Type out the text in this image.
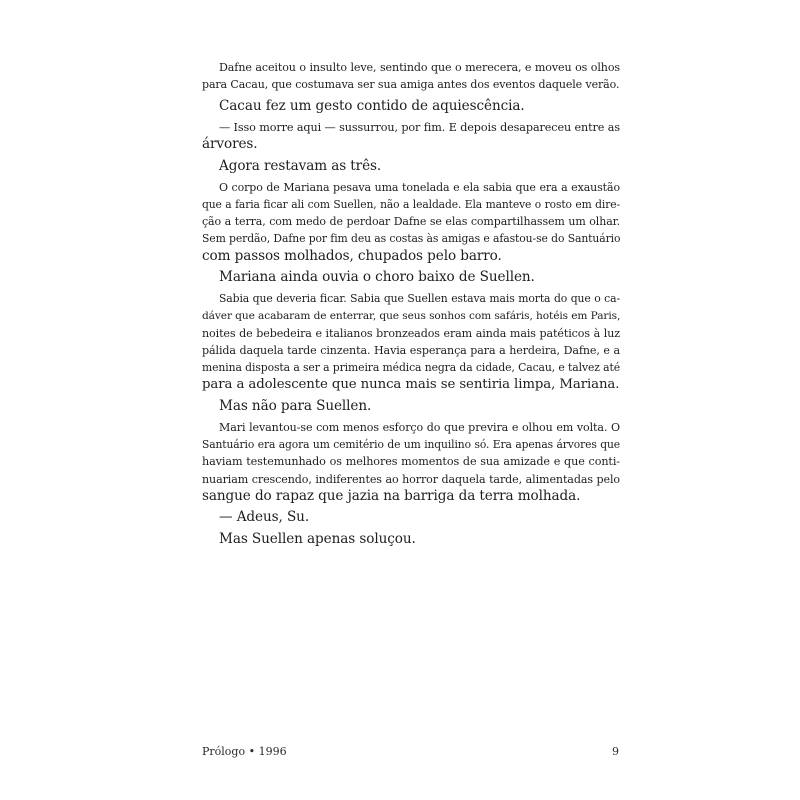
Dafne aceitou o insulto leve, sentindo que o merecera, e moveu os olhos
para Cacau, que costumava ser sua amiga antes dos eventos daquele verão.
Cacau fez um gesto contido de aquiescência.
— Isso morre aqui — sussurrou, por fim. E depois desapareceu entre as
árvores.
Agora restavam as três.
O corpo de Mariana pesava uma tonelada e ela sabia que era a exaustão
que a faria ficar ali com Suellen, não a lealdade. Ela manteve o rosto em dire-
ção a terra, com medo de perdoar Dafne se elas compartilhassem um olhar.
Sem perdão, Dafne por fim deu as costas às amigas e afastou-se do Santuário
com passos molhados, chupados pelo barro.
Mariana ainda ouvia o choro baixo de Suellen.
Sabia que deveria ficar. Sabia que Suellen estava mais morta do que o ca-
dáver que acabaram de enterrar, que seus sonhos com safáris, hotéis em Paris,
noites de bebedeira e italianos bronzeados eram ainda mais patéticos à luz
pálida daquela tarde cinzenta. Havia esperança para a herdeira, Dafne, e a
menina disposta a ser a primeira médica negra da cidade, Cacau, e talvez até
para a adolescente que nunca mais se sentiria limpa, Mariana.
Mas não para Suellen.
Mari levantou-se com menos esforço do que previra e olhou em volta. O
Santuário era agora um cemitério de um inquilino só. Era apenas árvores que
haviam testemunhado os melhores momentos de sua amizade e que conti-
nuariam crescendo, indiferentes ao horror daquela tarde, alimentadas pelo
sangue do rapaz que jazia na barriga da terra molhada.
— Adeus, Su.
Mas Suellen apenas soluçou.
Prólogo • 1996	9
